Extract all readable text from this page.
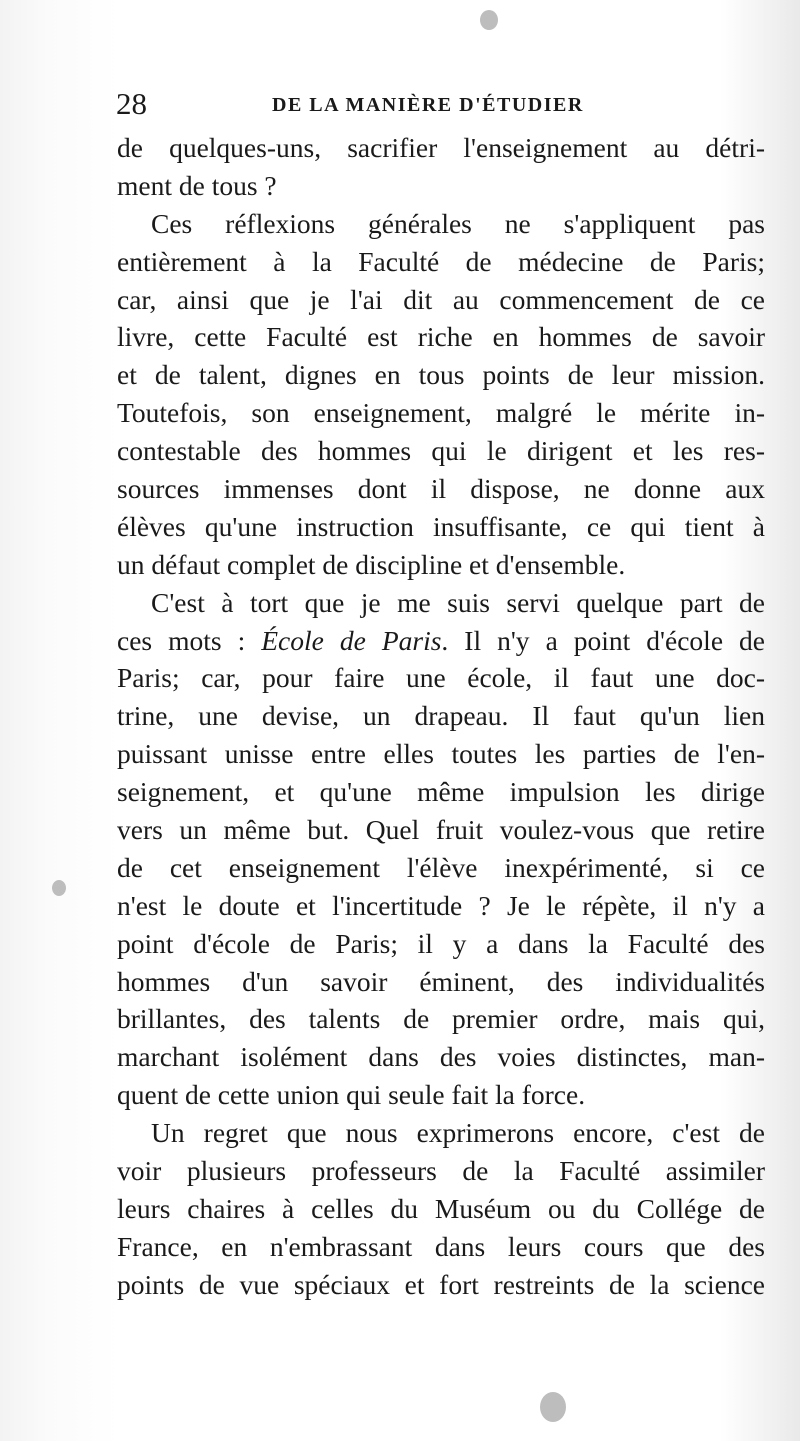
28	DE LA MANIÈRE D'ÉTUDIER
de quelques-uns, sacrifier l'enseignement au détri-
ment de tous ?
Ces réflexions générales ne s'appliquent pas
entièrement à la Faculté de médecine de Paris;
car, ainsi que je l'ai dit au commencement de ce
livre, cette Faculté est riche en hommes de savoir
et de talent, dignes en tous points de leur mission.
Toutefois, son enseignement, malgré le mérite in-
contestable des hommes qui le dirigent et les res-
sources immenses dont il dispose, ne donne aux
élèves qu'une instruction insuffisante, ce qui tient à
un défaut complet de discipline et d'ensemble.
C'est à tort que je me suis servi quelque part de
ces mots : École de Paris. Il n'y a point d'école de
Paris; car, pour faire une école, il faut une doc-
trine, une devise, un drapeau. Il faut qu'un lien
puissant unisse entre elles toutes les parties de l'en-
seignement, et qu'une même impulsion les dirige
vers un même but. Quel fruit voulez-vous que retire
de cet enseignement l'élève inexpérimenté, si ce
n'est le doute et l'incertitude ? Je le répète, il n'y a
point d'école de Paris; il y a dans la Faculté des
hommes d'un savoir éminent, des individualités
brillantes, des talents de premier ordre, mais qui,
marchant isolément dans des voies distinctes, man-
quent de cette union qui seule fait la force.
Un regret que nous exprimerons encore, c'est de
voir plusieurs professeurs de la Faculté assimiler
leurs chaires à celles du Muséum ou du Collége de
France, en n'embrassant dans leurs cours que des
points de vue spéciaux et fort restreints de la science
